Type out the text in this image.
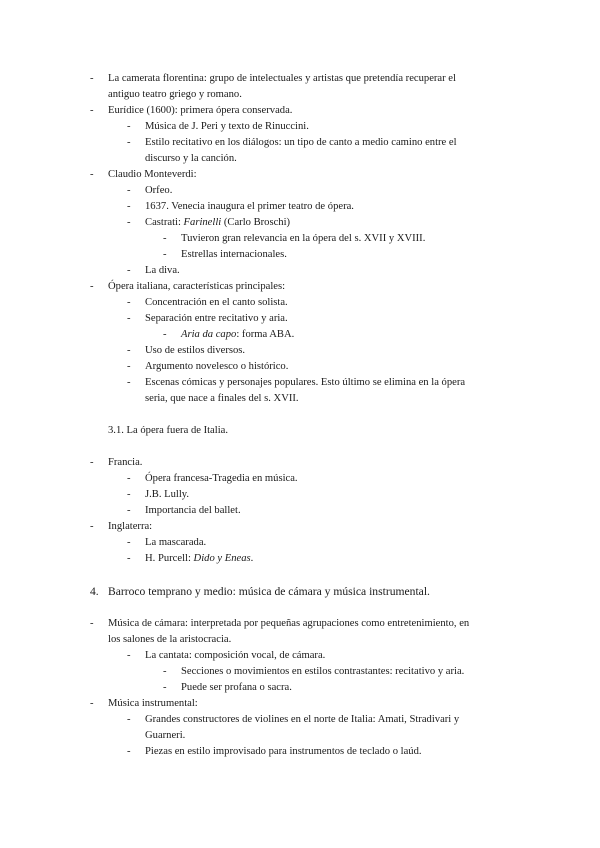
- La camerata florentina: grupo de intelectuales y artistas que pretendía recuperar el
antiguo teatro griego y romano.
- Eurídice (1600): primera ópera conservada.
- Música de J. Peri y texto de Rinuccini.
- Estilo recitativo en los diálogos: un tipo de canto a medio camino entre el
discurso y la canción.
- Claudio Monteverdi:
- Orfeo.
- 1637. Venecia inaugura el primer teatro de ópera.
- Castrati: Farinelli (Carlo Broschi)
- Tuvieron gran relevancia en la ópera del s. XVII y XVIII.
- Estrellas internacionales.
- La diva.
- Ópera italiana, características principales:
- Concentración en el canto solista.
- Separación entre recitativo y aria.
- Aria da capo: forma ABA.
- Uso de estilos diversos.
- Argumento novelesco o histórico.
- Escenas cómicas y personajes populares. Esto último se elimina en la ópera
seria, que nace a finales del s. XVII.
3.1. La ópera fuera de Italia.
- Francia.
- Ópera francesa-Tragedia en música.
- J.B. Lully.
- Importancia del ballet.
- Inglaterra:
- La mascarada.
- H. Purcell: Dido y Eneas.
4. Barroco temprano y medio: música de cámara y música instrumental.
- Música de cámara: interpretada por pequeñas agrupaciones como entretenimiento, en
los salones de la aristocracia.
- La cantata: composición vocal, de cámara.
- Secciones o movimientos en estilos contrastantes: recitativo y aria.
- Puede ser profana o sacra.
- Música instrumental:
- Grandes constructores de violines en el norte de Italia: Amati, Stradivari y
Guarneri.
- Piezas en estilo improvisado para instrumentos de teclado o laúd.
